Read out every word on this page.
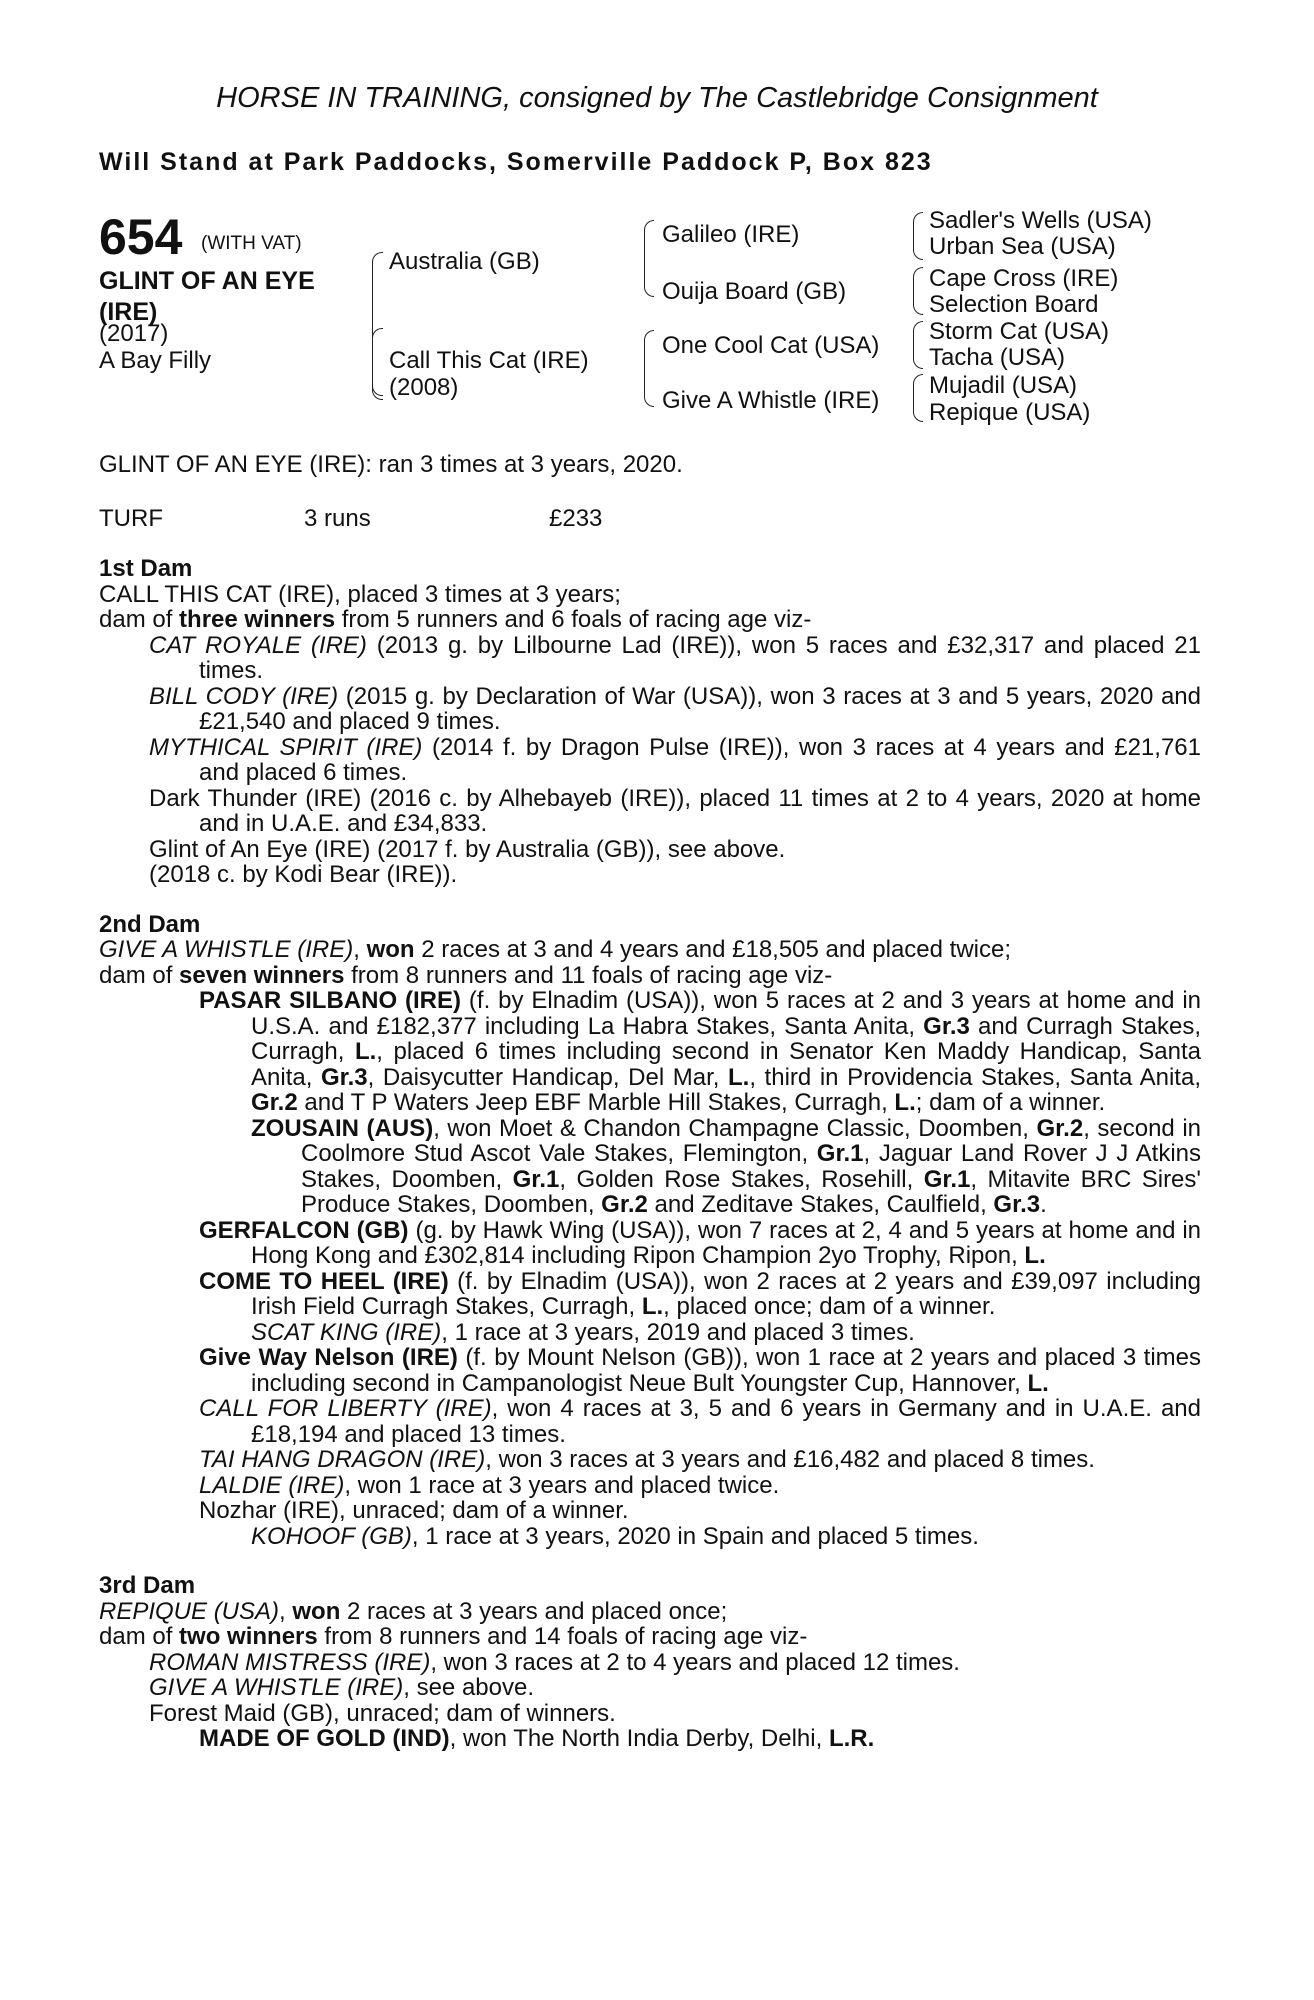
HORSE IN TRAINING, consigned by The Castlebridge Consignment
Will Stand at Park Paddocks, Somerville Paddock P, Box 823
654 (WITH VAT)
GLINT OF AN EYE
(IRE)
(2017)
A Bay Filly
Australia (GB)
Call This Cat (IRE)
(2008)
Galileo (IRE)
Ouija Board (GB)
One Cool Cat (USA)
Give A Whistle (IRE)
Sadler's Wells (USA)
Urban Sea (USA)
Cape Cross (IRE)
Selection Board
Storm Cat (USA)
Tacha (USA)
Mujadil (USA)
Repique (USA)
GLINT OF AN EYE (IRE): ran 3 times at 3 years, 2020.
TURF	3 runs	£233
1st Dam
CALL THIS CAT (IRE), placed 3 times at 3 years;
dam of three winners from 5 runners and 6 foals of racing age viz-
CAT ROYALE (IRE) (2013 g. by Lilbourne Lad (IRE)), won 5 races and £32,317 and placed 21 times.
BILL CODY (IRE) (2015 g. by Declaration of War (USA)), won 3 races at 3 and 5 years, 2020 and £21,540 and placed 9 times.
MYTHICAL SPIRIT (IRE) (2014 f. by Dragon Pulse (IRE)), won 3 races at 4 years and £21,761 and placed 6 times.
Dark Thunder (IRE) (2016 c. by Alhebayeb (IRE)), placed 11 times at 2 to 4 years, 2020 at home and in U.A.E. and £34,833.
Glint of An Eye (IRE) (2017 f. by Australia (GB)), see above.
(2018 c. by Kodi Bear (IRE)).
2nd Dam
GIVE A WHISTLE (IRE), won 2 races at 3 and 4 years and £18,505 and placed twice;
dam of seven winners from 8 runners and 11 foals of racing age viz-
PASAR SILBANO (IRE) (f. by Elnadim (USA)), won 5 races at 2 and 3 years at home and in U.S.A. and £182,377 including La Habra Stakes, Santa Anita, Gr.3 and Curragh Stakes, Curragh, L., placed 6 times including second in Senator Ken Maddy Handicap, Santa Anita, Gr.3, Daisycutter Handicap, Del Mar, L., third in Providencia Stakes, Santa Anita, Gr.2 and T P Waters Jeep EBF Marble Hill Stakes, Curragh, L.; dam of a winner.
ZOUSAIN (AUS), won Moet & Chandon Champagne Classic, Doomben, Gr.2, second in Coolmore Stud Ascot Vale Stakes, Flemington, Gr.1, Jaguar Land Rover J J Atkins Stakes, Doomben, Gr.1, Golden Rose Stakes, Rosehill, Gr.1, Mitavite BRC Sires' Produce Stakes, Doomben, Gr.2 and Zeditave Stakes, Caulfield, Gr.3.
GERFALCON (GB) (g. by Hawk Wing (USA)), won 7 races at 2, 4 and 5 years at home and in Hong Kong and £302,814 including Ripon Champion 2yo Trophy, Ripon, L.
COME TO HEEL (IRE) (f. by Elnadim (USA)), won 2 races at 2 years and £39,097 including Irish Field Curragh Stakes, Curragh, L., placed once; dam of a winner.
SCAT KING (IRE), 1 race at 3 years, 2019 and placed 3 times.
Give Way Nelson (IRE) (f. by Mount Nelson (GB)), won 1 race at 2 years and placed 3 times including second in Campanologist Neue Bult Youngster Cup, Hannover, L.
CALL FOR LIBERTY (IRE), won 4 races at 3, 5 and 6 years in Germany and in U.A.E. and £18,194 and placed 13 times.
TAI HANG DRAGON (IRE), won 3 races at 3 years and £16,482 and placed 8 times.
LALDIE (IRE), won 1 race at 3 years and placed twice.
Nozhar (IRE), unraced; dam of a winner.
KOHOOF (GB), 1 race at 3 years, 2020 in Spain and placed 5 times.
3rd Dam
REPIQUE (USA), won 2 races at 3 years and placed once;
dam of two winners from 8 runners and 14 foals of racing age viz-
ROMAN MISTRESS (IRE), won 3 races at 2 to 4 years and placed 12 times.
GIVE A WHISTLE (IRE), see above.
Forest Maid (GB), unraced; dam of winners.
MADE OF GOLD (IND), won The North India Derby, Delhi, L.R.
